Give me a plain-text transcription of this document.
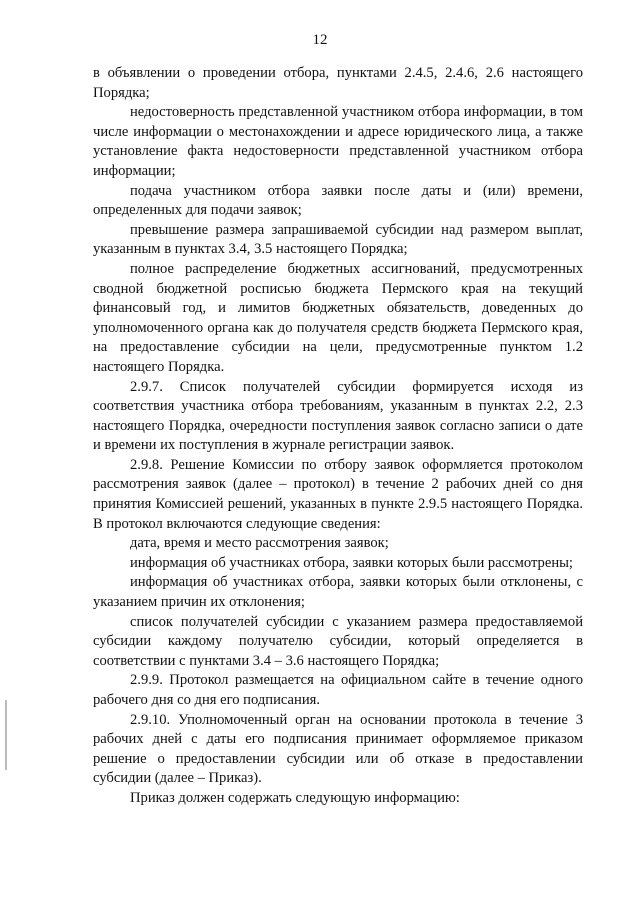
12

в объявлении о проведении отбора, пунктами 2.4.5, 2.4.6, 2.6 настоящего Порядка;

недостоверность представленной участником отбора информации, в том числе информации о местонахождении и адресе юридического лица, а также установление факта недостоверности представленной участником отбора информации;

подача участником отбора заявки после даты и (или) времени, определенных для подачи заявок;

превышение размера запрашиваемой субсидии над размером выплат, указанным в пунктах 3.4, 3.5 настоящего Порядка;

полное распределение бюджетных ассигнований, предусмотренных сводной бюджетной росписью бюджета Пермского края на текущий финансовый год, и лимитов бюджетных обязательств, доведенных до уполномоченного органа как до получателя средств бюджета Пермского края, на предоставление субсидии на цели, предусмотренные пунктом 1.2 настоящего Порядка.

2.9.7. Список получателей субсидии формируется исходя из соответствия участника отбора требованиям, указанным в пунктах 2.2, 2.3 настоящего Порядка, очередности поступления заявок согласно записи о дате и времени их поступления в журнале регистрации заявок.

2.9.8. Решение Комиссии по отбору заявок оформляется протоколом рассмотрения заявок (далее – протокол) в течение 2 рабочих дней со дня принятия Комиссией решений, указанных в пункте 2.9.5 настоящего Порядка. В протокол включаются следующие сведения:

дата, время и место рассмотрения заявок;

информация об участниках отбора, заявки которых были рассмотрены;

информация об участниках отбора, заявки которых были отклонены, с указанием причин их отклонения;

список получателей субсидии с указанием размера предоставляемой субсидии каждому получателю субсидии, который определяется в соответствии с пунктами 3.4 – 3.6 настоящего Порядка;

2.9.9. Протокол размещается на официальном сайте в течение одного рабочего дня со дня его подписания.

2.9.10. Уполномоченный орган на основании протокола в течение 3 рабочих дней с даты его подписания принимает оформляемое приказом решение о предоставлении субсидии или об отказе в предоставлении субсидии (далее – Приказ).

Приказ должен содержать следующую информацию:
